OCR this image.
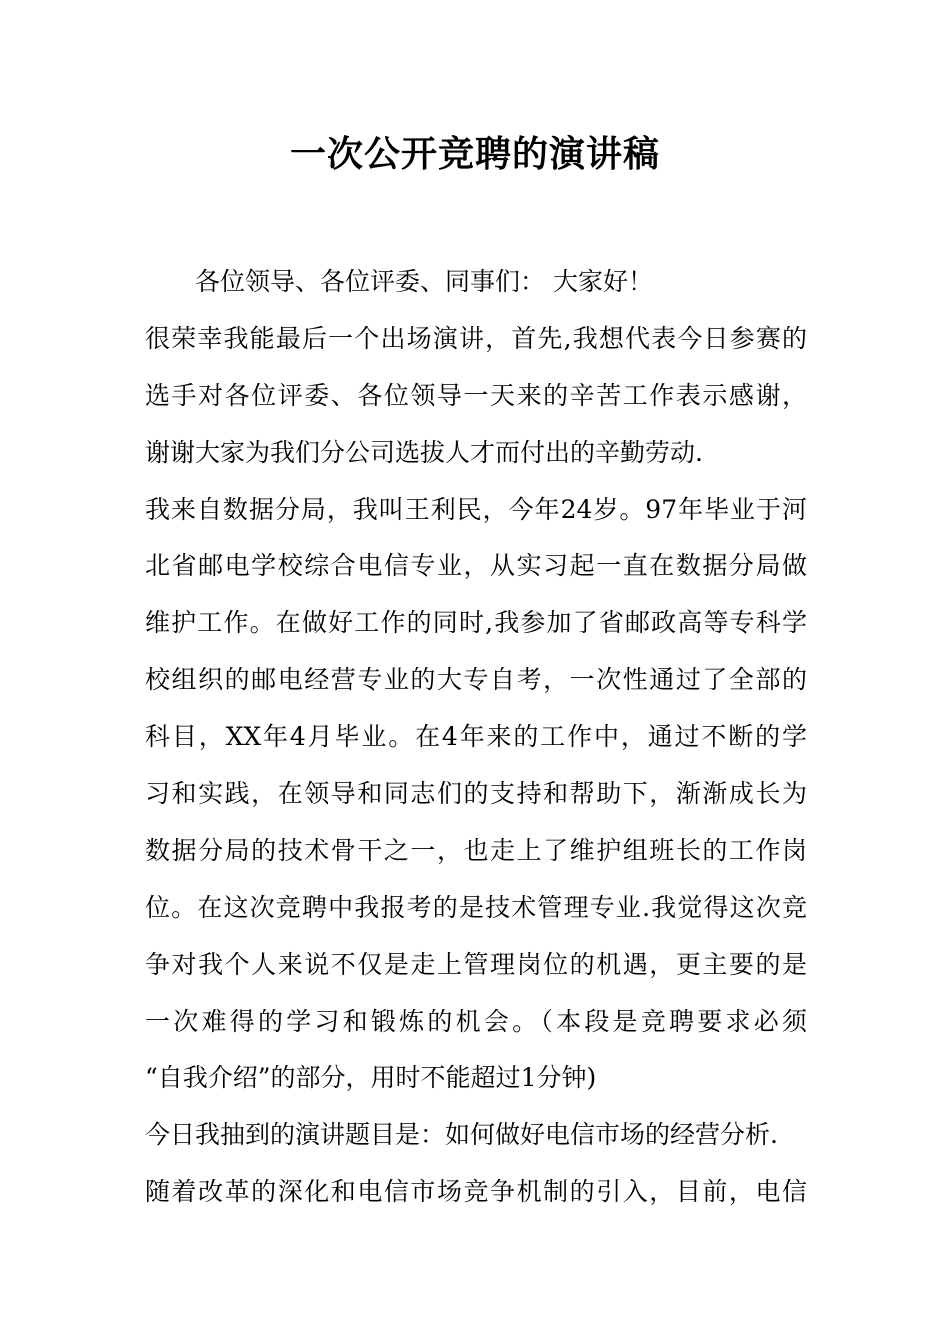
一次公开竞聘的演讲稿
各位领导、各位评委、同事们： 大家好！
很荣幸我能最后一个出场演讲，首先,我想代表今日参赛的
选手对各位评委、各位领导一天来的辛苦工作表示感谢，
谢谢大家为我们分公司选拔人才而付出的辛勤劳动.
我来自数据分局，我叫王利民，今年24岁。97年毕业于河
北省邮电学校综合电信专业，从实习起一直在数据分局做
维护工作。在做好工作的同时,我参加了省邮政高等专科学
校组织的邮电经营专业的大专自考，一次性通过了全部的
科目，XX年4月毕业。在4年来的工作中，通过不断的学
习和实践，在领导和同志们的支持和帮助下，渐渐成长为
数据分局的技术骨干之一，也走上了维护组班长的工作岗
位。在这次竞聘中我报考的是技术管理专业.我觉得这次竞
争对我个人来说不仅是走上管理岗位的机遇，更主要的是
一次难得的学习和锻炼的机会。（本段是竞聘要求必须
“自我介绍”的部分，用时不能超过1分钟)
今日我抽到的演讲题目是：如何做好电信市场的经营分析.
随着改革的深化和电信市场竞争机制的引入，目前，电信
